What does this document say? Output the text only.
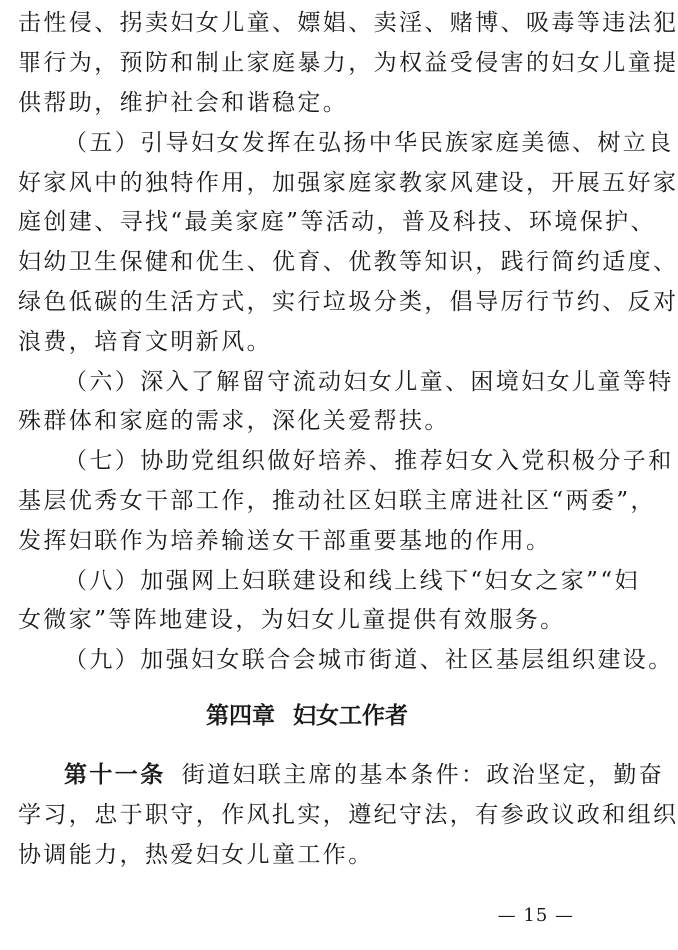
击性侵、拐卖妇女儿童、嫖娼、卖淫、赌博、吸毒等违法犯
罪行为，预防和制止家庭暴力，为权益受侵害的妇女儿童提
供帮助，维护社会和谐稳定。
（五）引导妇女发挥在弘扬中华民族家庭美德、树立良
好家风中的独特作用，加强家庭家教家风建设，开展五好家
庭创建、寻找“最美家庭”等活动，普及科技、环境保护、
妇幼卫生保健和优生、优育、优教等知识，践行简约适度、
绿色低碳的生活方式，实行垃圾分类，倡导厉行节约、反对
浪费，培育文明新风。
（六）深入了解留守流动妇女儿童、困境妇女儿童等特
殊群体和家庭的需求，深化关爱帮扶。
（七）协助党组织做好培养、推荐妇女入党积极分子和
基层优秀女干部工作，推动社区妇联主席进社区“两委”，
发挥妇联作为培养输送女干部重要基地的作用。
（八）加强网上妇联建设和线上线下“妇女之家”“妇
女微家”等阵地建设，为妇女儿童提供有效服务。
（九）加强妇女联合会城市街道、社区基层组织建设。
第十一条 街道妇联主席的基本条件：政治坚定，勤奋
学习，忠于职守，作风扎实，遵纪守法，有参政议政和组织
协调能力，热爱妇女儿童工作。
第四章 妇女工作者
— 15 —
